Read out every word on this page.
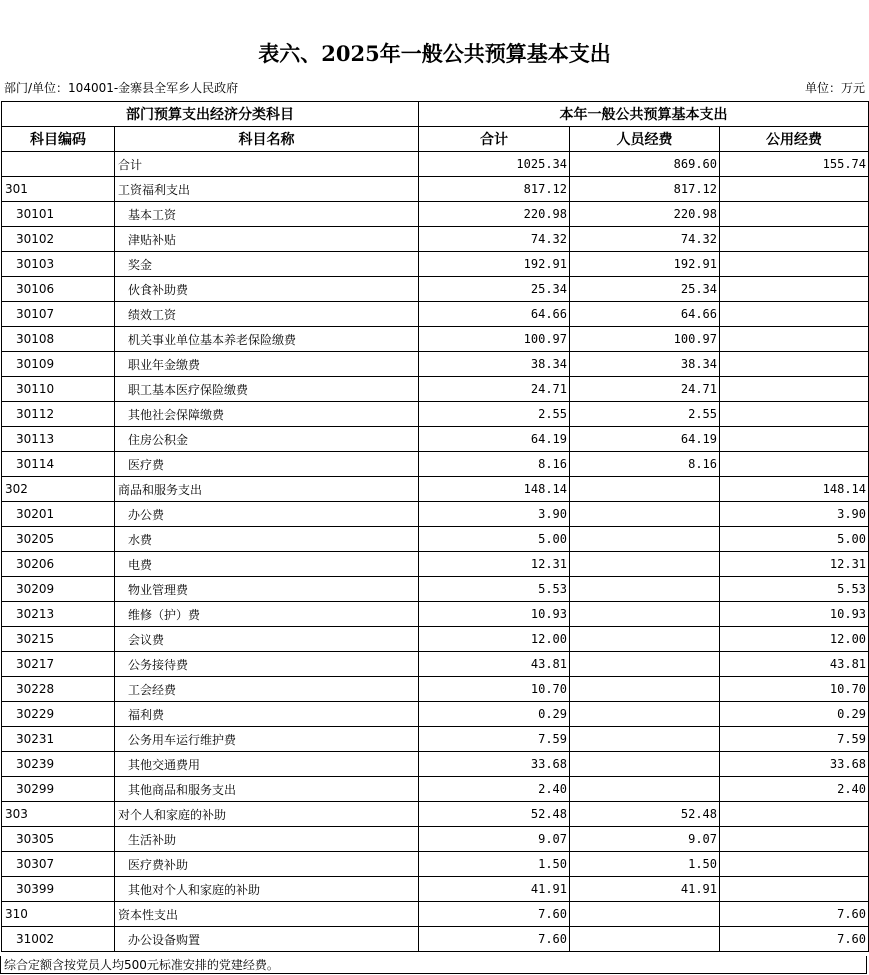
表六、2025年一般公共预算基本支出
部门/单位：104001-金寨县全军乡人民政府	单位：万元
部门预算支出经济分类科目		本年一般公共预算基本支出		
科目编码	科目名称	合计	人员经费	公用经费
	合计	1025.34	869.60	155.74
301	工资福利支出	817.12	817.12	
30101	基本工资	220.98	220.98	
30102	津贴补贴	74.32	74.32	
30103	奖金	192.91	192.91	
30106	伙食补助费	25.34	25.34	
30107	绩效工资	64.66	64.66	
30108	机关事业单位基本养老保险缴费	100.97	100.97	
30109	职业年金缴费	38.34	38.34	
30110	职工基本医疗保险缴费	24.71	24.71	
30112	其他社会保障缴费	2.55	2.55	
30113	住房公积金	64.19	64.19	
30114	医疗费	8.16	8.16	
302	商品和服务支出	148.14		148.14
30201	办公费	3.90		3.90
30205	水费	5.00		5.00
30206	电费	12.31		12.31
30209	物业管理费	5.53		5.53
30213	维修（护）费	10.93		10.93
30215	会议费	12.00		12.00
30217	公务接待费	43.81		43.81
30228	工会经费	10.70		10.70
30229	福利费	0.29		0.29
30231	公务用车运行维护费	7.59		7.59
30239	其他交通费用	33.68		33.68
30299	其他商品和服务支出	2.40		2.40
303	对个人和家庭的补助	52.48	52.48	
30305	生活补助	9.07	9.07	
30307	医疗费补助	1.50	1.50	
30399	其他对个人和家庭的补助	41.91	41.91	
310	资本性支出	7.60		7.60
31002	办公设备购置	7.60		7.60
综合定额含按党员人均500元标准安排的党建经费。
